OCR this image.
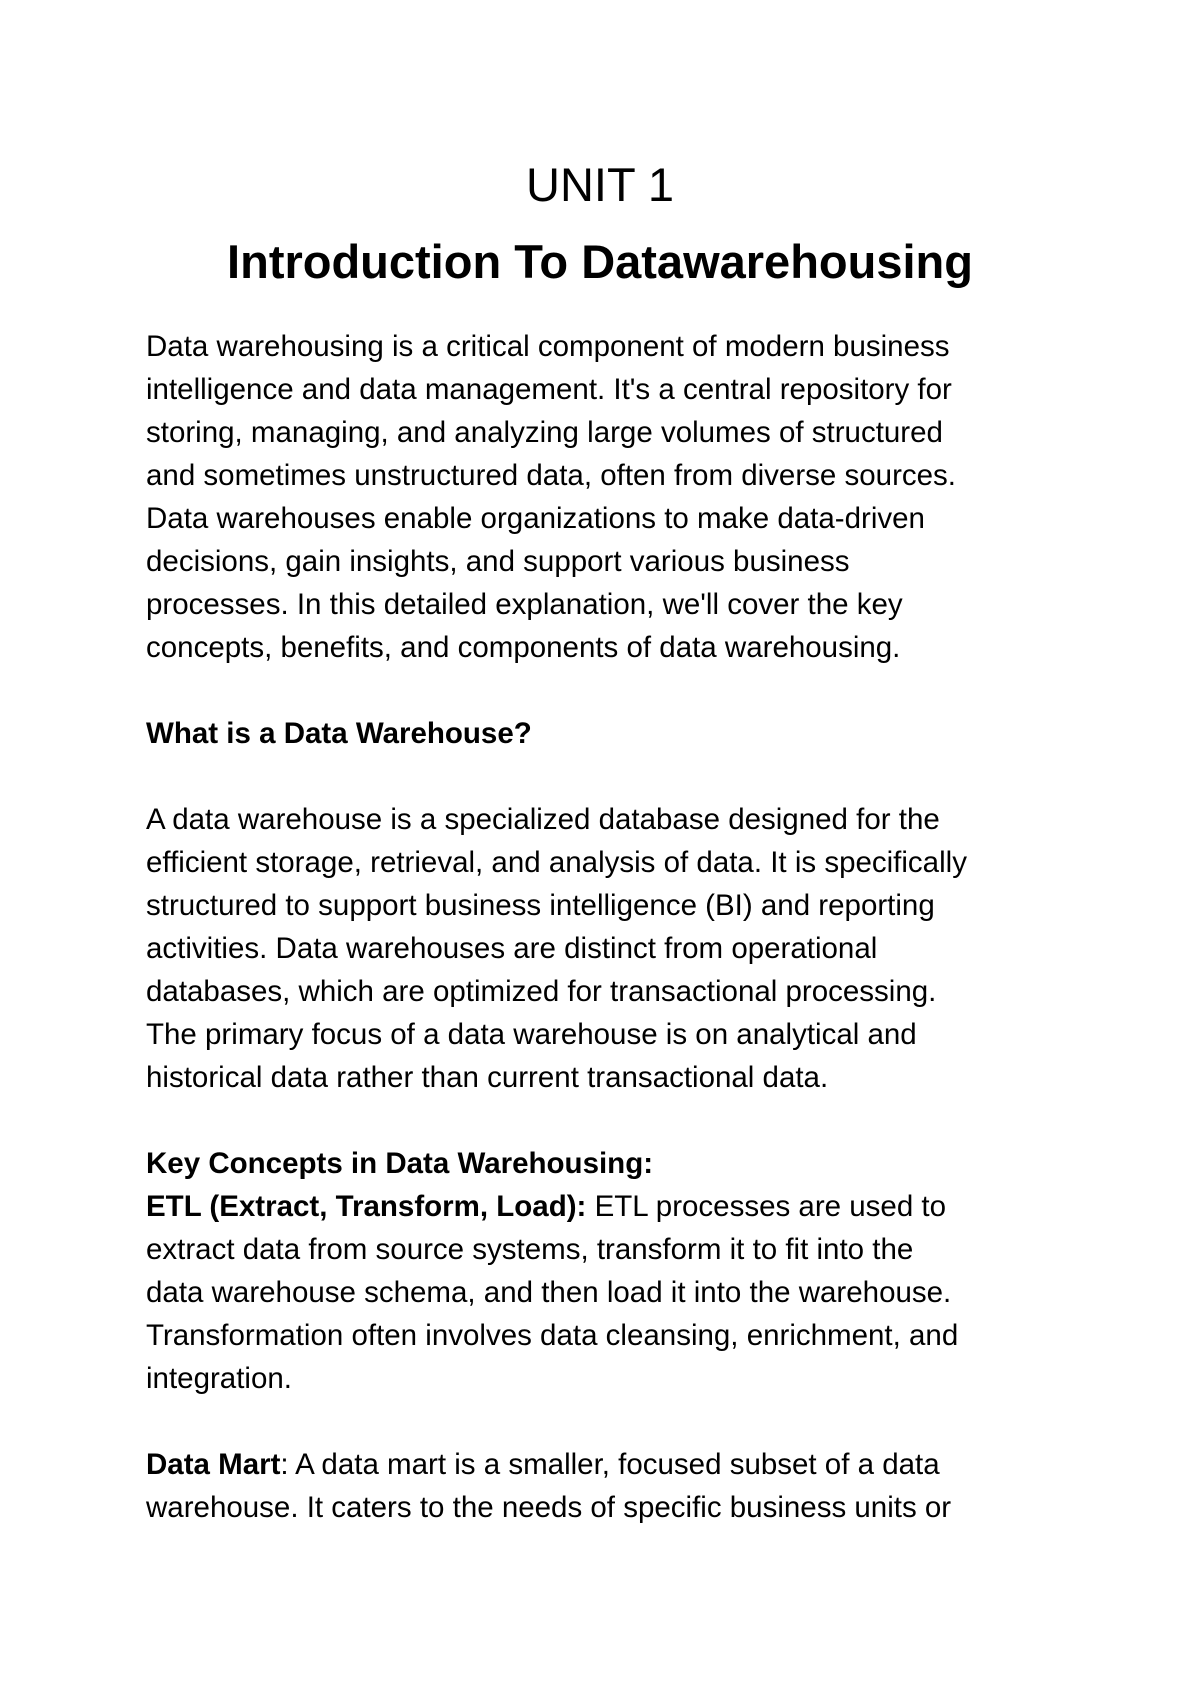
UNIT 1
Introduction To Datawarehousing
Data warehousing is a critical component of modern business
intelligence and data management. It's a central repository for
storing, managing, and analyzing large volumes of structured
and sometimes unstructured data, often from diverse sources.
Data warehouses enable organizations to make data-driven
decisions, gain insights, and support various business
processes. In this detailed explanation, we'll cover the key
concepts, benefits, and components of data warehousing.
What is a Data Warehouse?
A data warehouse is a specialized database designed for the
efficient storage, retrieval, and analysis of data. It is specifically
structured to support business intelligence (BI) and reporting
activities. Data warehouses are distinct from operational
databases, which are optimized for transactional processing.
The primary focus of a data warehouse is on analytical and
historical data rather than current transactional data.
Key Concepts in Data Warehousing:
ETL (Extract, Transform, Load): ETL processes are used to
extract data from source systems, transform it to fit into the
data warehouse schema, and then load it into the warehouse.
Transformation often involves data cleansing, enrichment, and
integration.
Data Mart: A data mart is a smaller, focused subset of a data
warehouse. It caters to the needs of specific business units or
